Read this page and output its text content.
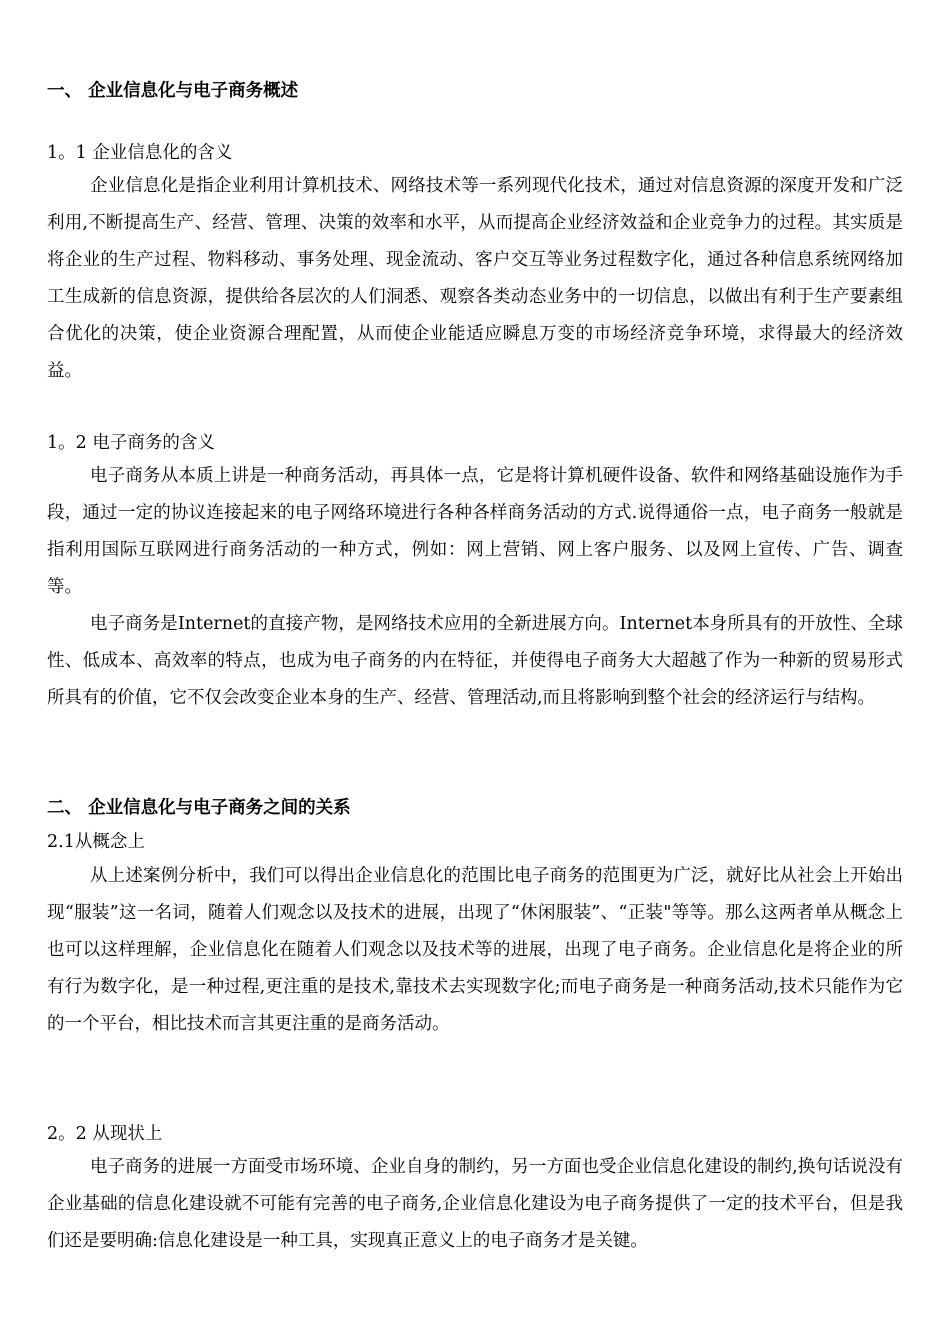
一、 企业信息化与电子商务概述
1。1 企业信息化的含义

企业信息化是指企业利用计算机技术、网络技术等一系列现代化技术，通过对信息资源的深度开发和广泛利用,不断提高生产、经营、管理、决策的效率和水平，从而提高企业经济效益和企业竞争力的过程。其实质是将企业的生产过程、物料移动、事务处理、现金流动、客户交互等业务过程数字化，通过各种信息系统网络加工生成新的信息资源，提供给各层次的人们洞悉、观察各类动态业务中的一切信息，以做出有利于生产要素组合优化的决策，使企业资源合理配置，从而使企业能适应瞬息万变的市场经济竞争环境，求得最大的经济效益。

1。2 电子商务的含义

电子商务从本质上讲是一种商务活动，再具体一点，它是将计算机硬件设备、软件和网络基础设施作为手段，通过一定的协议连接起来的电子网络环境进行各种各样商务活动的方式.说得通俗一点，电子商务一般就是指利用国际互联网进行商务活动的一种方式，例如：网上营销、网上客户服务、以及网上宣传、广告、调查等。

电子商务是Internet的直接产物，是网络技术应用的全新进展方向。Internet本身所具有的开放性、全球性、低成本、高效率的特点，也成为电子商务的内在特征，并使得电子商务大大超越了作为一种新的贸易形式所具有的价值，它不仅会改变企业本身的生产、经营、管理活动,而且将影响到整个社会的经济运行与结构。

二、 企业信息化与电子商务之间的关系
2.1从概念上

从上述案例分析中，我们可以得出企业信息化的范围比电子商务的范围更为广泛，就好比从社会上开始出现“服装”这一名词，随着人们观念以及技术的进展，出现了“休闲服装”、“正装"等等。那么这两者单从概念上也可以这样理解，企业信息化在随着人们观念以及技术等的进展，出现了电子商务。企业信息化是将企业的所有行为数字化，是一种过程,更注重的是技术,靠技术去实现数字化;而电子商务是一种商务活动,技术只能作为它的一个平台，相比技术而言其更注重的是商务活动。

2。2 从现状上

电子商务的进展一方面受市场环境、企业自身的制约，另一方面也受企业信息化建设的制约,换句话说没有企业基础的信息化建设就不可能有完善的电子商务,企业信息化建设为电子商务提供了一定的技术平台，但是我们还是要明确:信息化建设是一种工具，实现真正意义上的电子商务才是关键。
